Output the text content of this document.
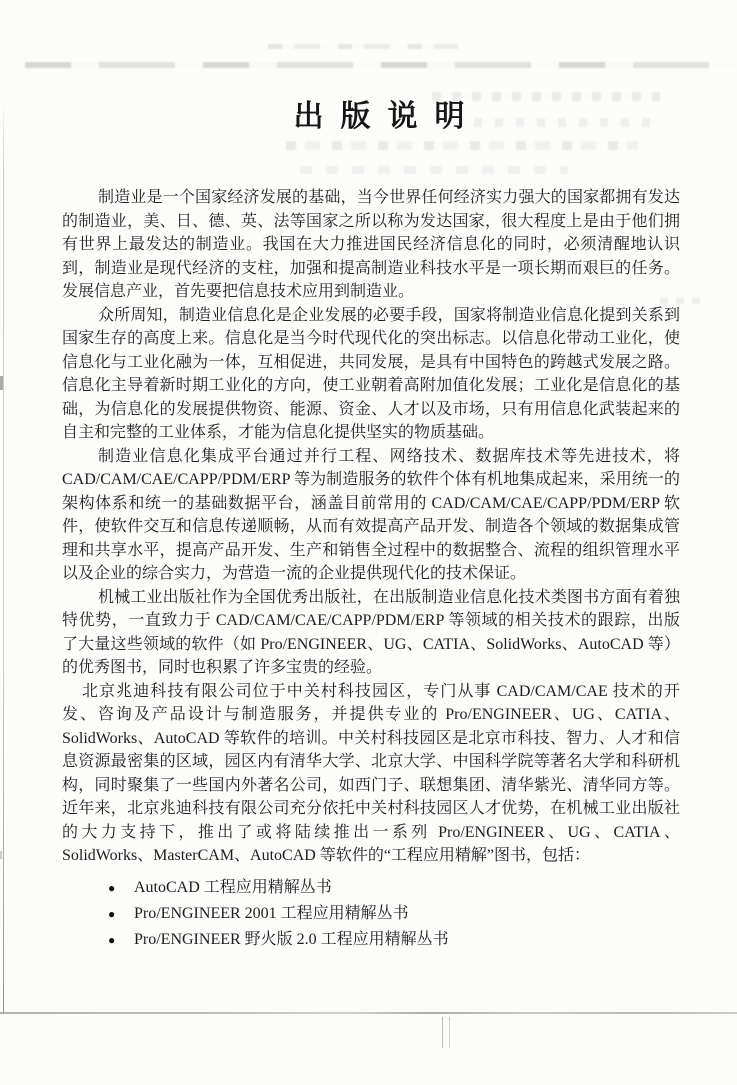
出版说明

制造业是一个国家经济发展的基础，当今世界任何经济实力强大的国家都拥有发达的制造业，美、日、德、英、法等国家之所以称为发达国家，很大程度上是由于他们拥有世界上最发达的制造业。我国在大力推进国民经济信息化的同时，必须清醒地认识到，制造业是现代经济的支柱，加强和提高制造业科技水平是一项长期而艰巨的任务。发展信息产业，首先要把信息技术应用到制造业。

众所周知，制造业信息化是企业发展的必要手段，国家将制造业信息化提到关系到国家生存的高度上来。信息化是当今时代现代化的突出标志。以信息化带动工业化，使信息化与工业化融为一体，互相促进，共同发展，是具有中国特色的跨越式发展之路。信息化主导着新时期工业化的方向，使工业朝着高附加值化发展；工业化是信息化的基础，为信息化的发展提供物资、能源、资金、人才以及市场，只有用信息化武装起来的自主和完整的工业体系，才能为信息化提供坚实的物质基础。

制造业信息化集成平台通过并行工程、网络技术、数据库技术等先进技术，将 CAD/CAM/CAE/CAPP/PDM/ERP 等为制造服务的软件个体有机地集成起来，采用统一的架构体系和统一的基础数据平台，涵盖目前常用的 CAD/CAM/CAE/CAPP/PDM/ERP 软件，使软件交互和信息传递顺畅，从而有效提高产品开发、制造各个领域的数据集成管理和共享水平，提高产品开发、生产和销售全过程中的数据整合、流程的组织管理水平以及企业的综合实力，为营造一流的企业提供现代化的技术保证。

机械工业出版社作为全国优秀出版社，在出版制造业信息化技术类图书方面有着独特优势，一直致力于 CAD/CAM/CAE/CAPP/PDM/ERP 等领域的相关技术的跟踪，出版了大量这些领域的软件（如 Pro/ENGINEER、UG、CATIA、SolidWorks、AutoCAD 等）的优秀图书，同时也积累了许多宝贵的经验。

北京兆迪科技有限公司位于中关村科技园区，专门从事 CAD/CAM/CAE 技术的开发、咨询及产品设计与制造服务，并提供专业的 Pro/ENGINEER、UG、CATIA、SolidWorks、AutoCAD 等软件的培训。中关村科技园区是北京市科技、智力、人才和信息资源最密集的区域，园区内有清华大学、北京大学、中国科学院等著名大学和科研机构，同时聚集了一些国内外著名公司，如西门子、联想集团、清华紫光、清华同方等。近年来，北京兆迪科技有限公司充分依托中关村科技园区人才优势，在机械工业出版社的大力支持下，推出了或将陆续推出一系列 Pro/ENGINEER、UG、CATIA、SolidWorks、MasterCAM、AutoCAD 等软件的“工程应用精解”图书，包括：

●	AutoCAD 工程应用精解丛书
●	Pro/ENGINEER 2001 工程应用精解丛书
●	Pro/ENGINEER 野火版 2.0 工程应用精解丛书
